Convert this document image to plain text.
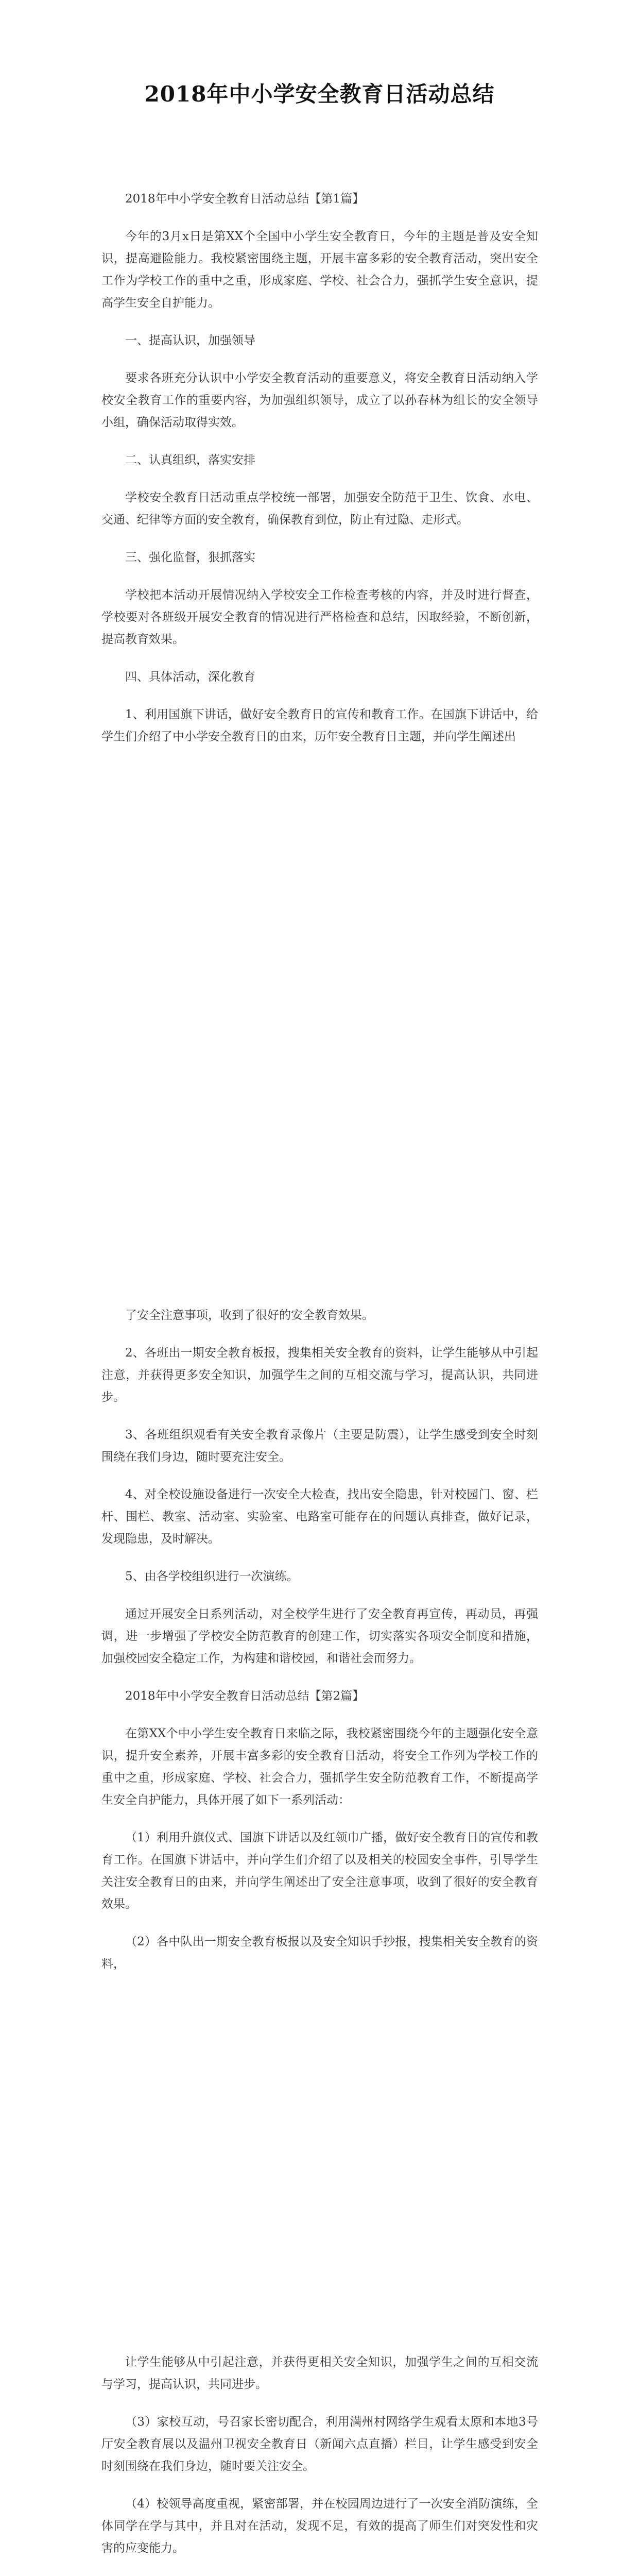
2018年中小学安全教育日活动总结

2018年中小学安全教育日活动总结【第1篇】

今年的3月x日是第XX个全国中小学生安全教育日，今年的主题是普及安全知识，提高避险能力。我校紧密围绕主题，开展丰富多彩的安全教育活动，突出安全工作为学校工作的重中之重，形成家庭、学校、社会合力，强抓学生安全意识，提高学生安全自护能力。

一、提高认识，加强领导

要求各班充分认识中小学安全教育活动的重要意义，将安全教育日活动纳入学校安全教育工作的重要内容，为加强组织领导，成立了以孙春林为组长的安全领导小组，确保活动取得实效。

二、认真组织，落实安排

学校安全教育日活动重点学校统一部署，加强安全防范于卫生、饮食、水电、交通、纪律等方面的安全教育，确保教育到位，防止有过隐、走形式。

三、强化监督，狠抓落实

学校把本活动开展情况纳入学校安全工作检查考核的内容，并及时进行督查，学校要对各班级开展安全教育的情况进行严格检查和总结，因取经验，不断创新，提高教育效果。

四、具体活动，深化教育

1、利用国旗下讲话，做好安全教育日的宣传和教育工作。在国旗下讲话中，给学生们介绍了中小学安全教育日的由来，历年安全教育日主题，并向学生阐述出

了安全注意事项，收到了很好的安全教育效果。

2、各班出一期安全教育板报，搜集相关安全教育的资料，让学生能够从中引起注意，并获得更多安全知识，加强学生之间的互相交流与学习，提高认识，共同进步。

3、各班组织观看有关安全教育录像片（主要是防震），让学生感受到安全时刻围绕在我们身边，随时要充注安全。

4、对全校设施设备进行一次安全大检查，找出安全隐患，针对校园门、窗、栏杆、围栏、教室、活动室、实验室、电路室可能存在的问题认真排查，做好记录，发现隐患，及时解决。

5、由各学校组织进行一次演练。

通过开展安全日系列活动，对全校学生进行了安全教育再宣传，再动员，再强调，进一步增强了学校安全防范教育的创建工作，切实落实各项安全制度和措施，加强校园安全稳定工作，为构建和谐校园，和谐社会而努力。

2018年中小学安全教育日活动总结【第2篇】

在第XX个中小学生安全教育日来临之际，我校紧密围绕今年的主题强化安全意识，提升安全素养，开展丰富多彩的安全教育日活动，将安全工作列为学校工作的重中之重，形成家庭、学校、社会合力，强抓学生安全防范教育工作，不断提高学生安全自护能力，具体开展了如下一系列活动：

（1）利用升旗仪式、国旗下讲话以及红领巾广播，做好安全教育日的宣传和教育工作。在国旗下讲话中，并向学生们介绍了以及相关的校园安全事件，引导学生关注安全教育日的由来，并向学生阐述出了安全注意事项，收到了很好的安全教育效果。

（2）各中队出一期安全教育板报以及安全知识手抄报，搜集相关安全教育的资料，

让学生能够从中引起注意，并获得更相关安全知识，加强学生之间的互相交流与学习，提高认识，共同进步。

（3）家校互动，号召家长密切配合，利用满州村网络学生观看太原和本地3号厅安全教育展以及温州卫视安全教育日（新闻六点直播）栏目，让学生感受到安全时刻围绕在我们身边，随时要关注安全。

（4）校领导高度重视，紧密部署，并在校园周边进行了一次安全消防演练，全体同学在学与其中，并且对在活动，发现不足，有效的提高了师生们对突发性和灾害的应变能力。
